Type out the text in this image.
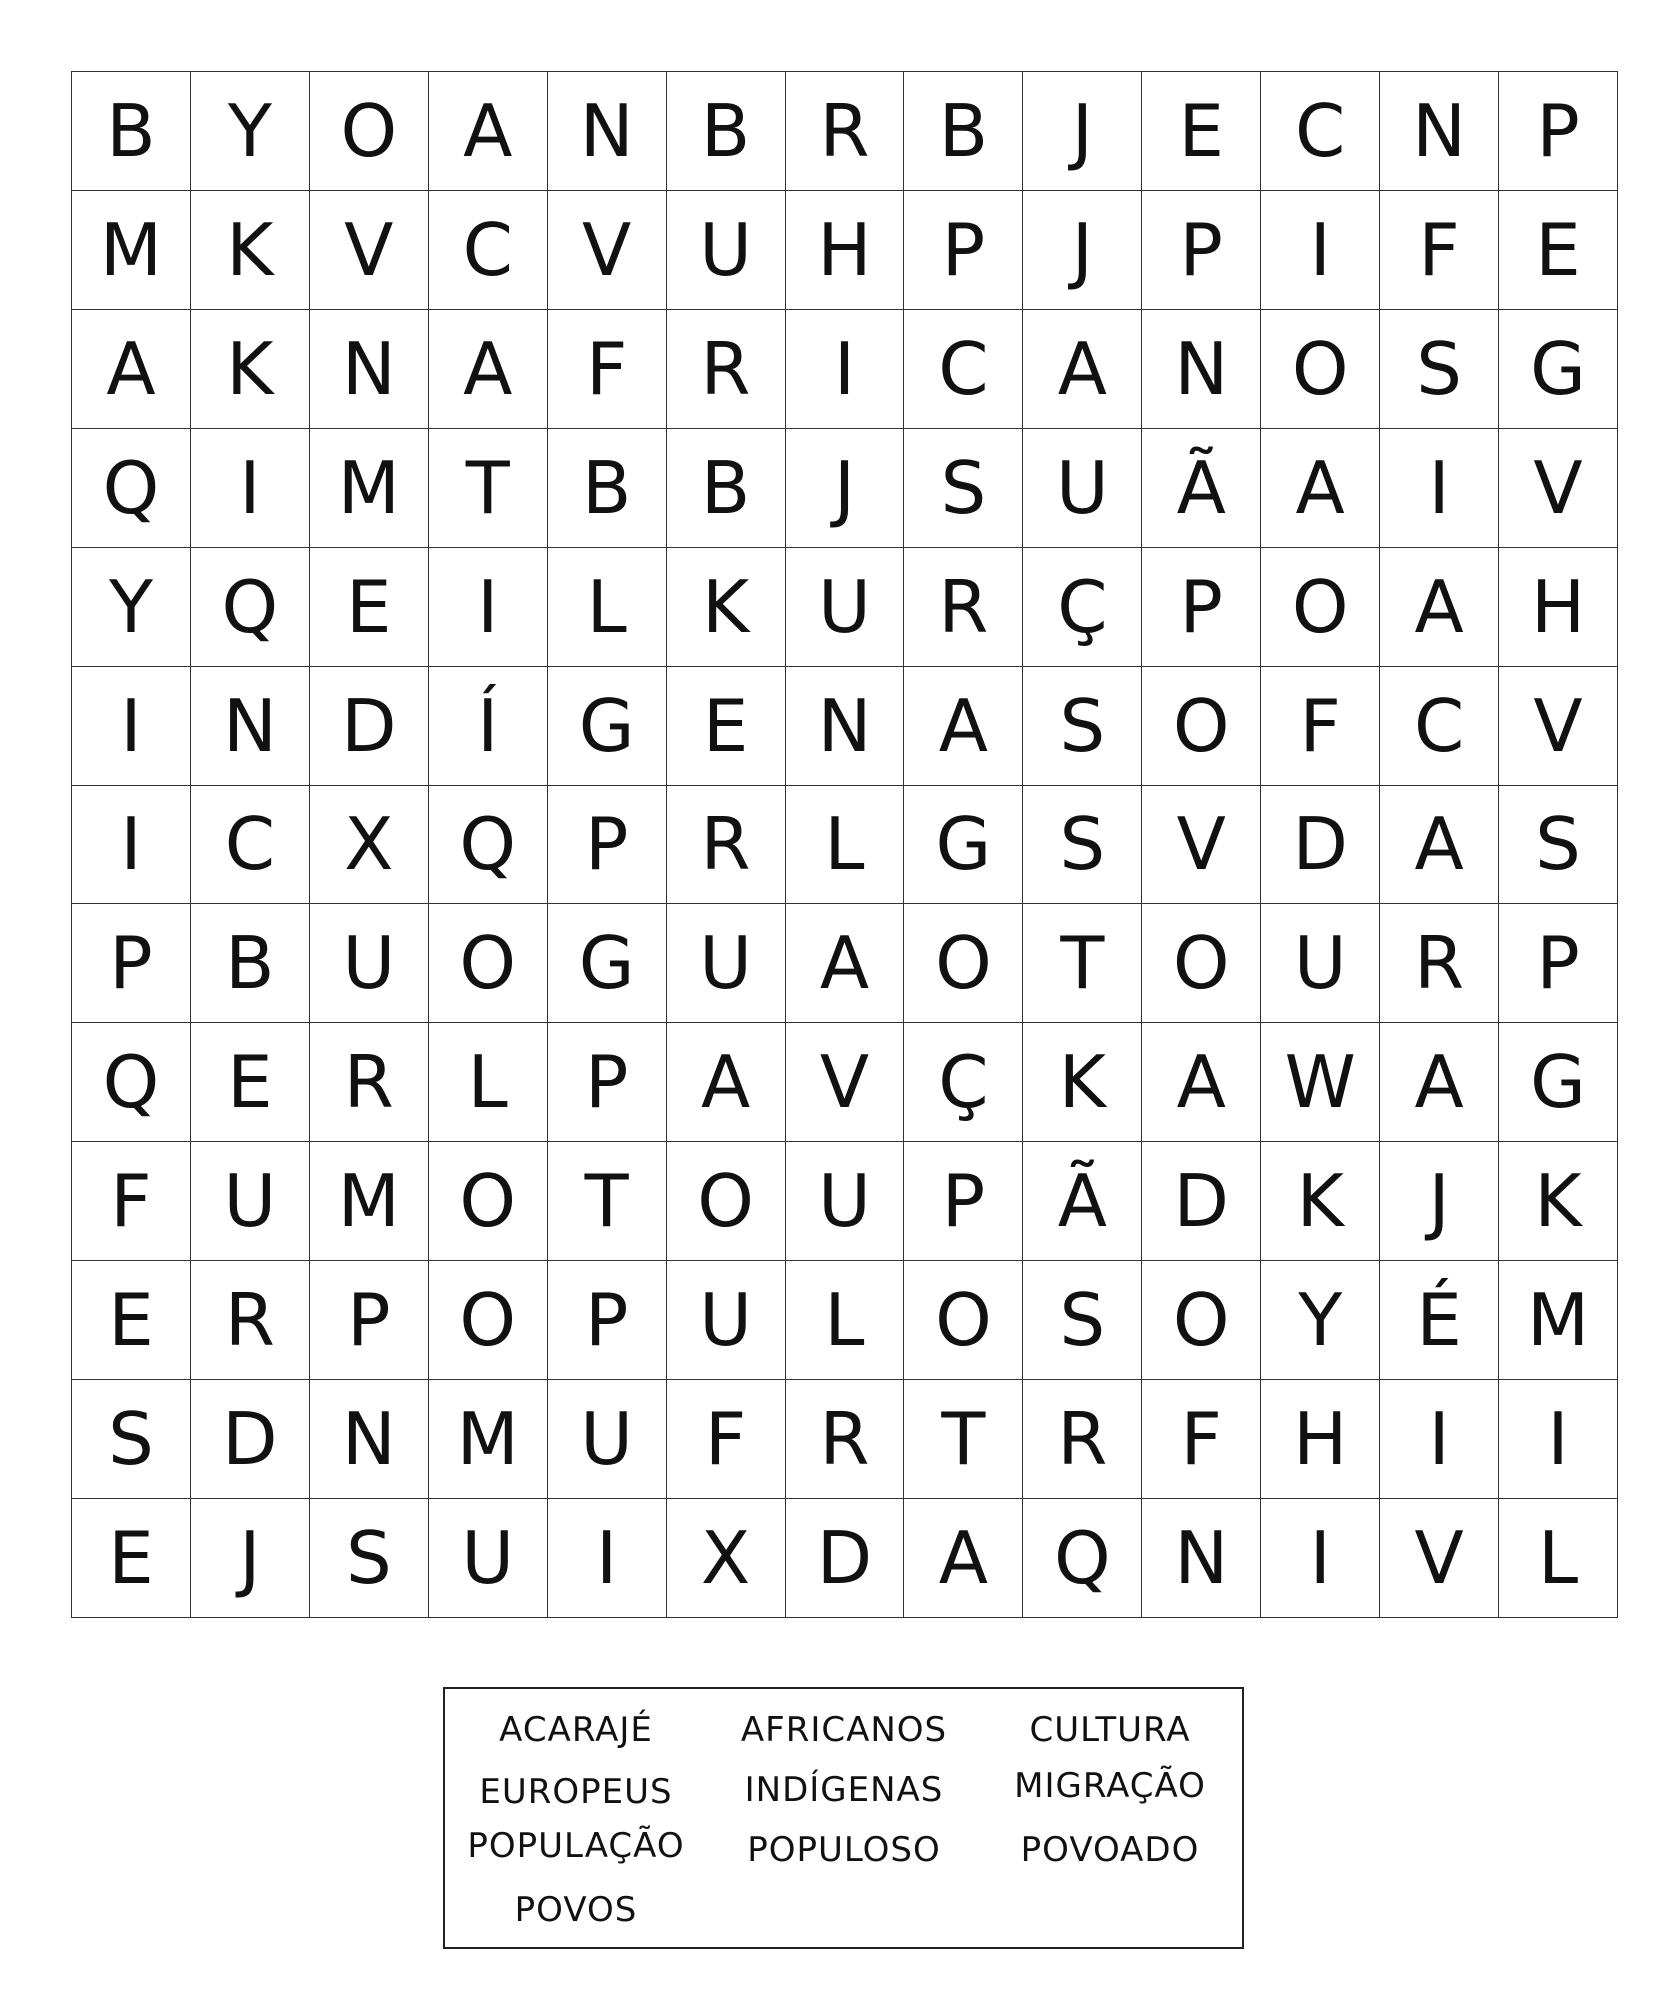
B	Y O A N B R B	J	E C N P
M K V C V U H P	J	P	I	F	E
A K N A	F	R	I	C A N O S G
Q	I	M T	B B	J	S U Ã A	I	V
Y Q E	I	L	K U R Ç	P O A H
I	N D	Í	G E N A S O F	C V
I	C X Q P	R	L G S V D A S
P	B U O G U A O T O U R	P
Q E R	L	P	A V Ç K A W A G
F U M O T O U P	Ã D K	J	K
E R	P O P U	L O S O Y	É M
S D N M U F	R T R	F H	I	I
E	J	S U	I	X D A Q N	I	V	L
ACARAJÉ
EUROPEUS
POPULAÇÃO
POVOS
AFRICANOS
INDÍGENAS
POPULOSO
CULTURA
MIGRAÇÃO
POVOADO
